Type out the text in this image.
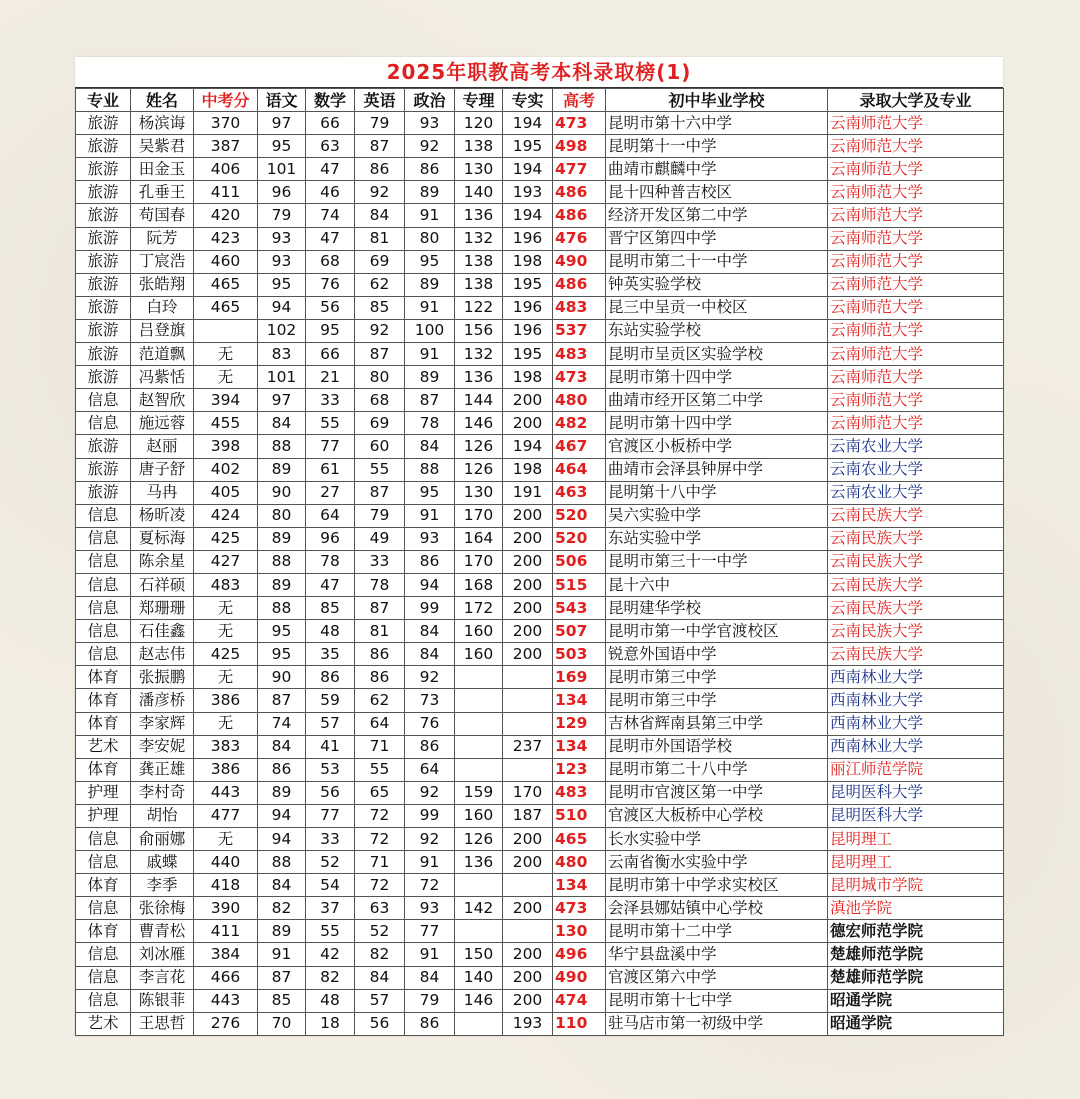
2025年职教高考本科录取榜(1)
专业	姓名	中考分	语文	数学	英语	政治	专理	专实	高考	初中毕业学校	录取大学及专业
旅游	杨滨诲	370	97	66	79	93	120	194	473	昆明市第十六中学	云南师范大学
旅游	吴紫君	387	95	63	87	92	138	195	498	昆明第十一中学	云南师范大学
旅游	田金玉	406	101	47	86	86	130	194	477	曲靖市麒麟中学	云南师范大学
旅游	孔垂王	411	96	46	92	89	140	193	486	昆十四种普吉校区	云南师范大学
旅游	苟国春	420	79	74	84	91	136	194	486	经济开发区第二中学	云南师范大学
旅游	阮芳	423	93	47	81	80	132	196	476	晋宁区第四中学	云南师范大学
旅游	丁宸浩	460	93	68	69	95	138	198	490	昆明市第二十一中学	云南师范大学
旅游	张皓翔	465	95	76	62	89	138	195	486	钟英实验学校	云南师范大学
旅游	白玲	465	94	56	85	91	122	196	483	昆三中呈贡一中校区	云南师范大学
旅游	吕登旗		102	95	92	100	156	196	537	东站实验学校	云南师范大学
旅游	范道飘	无	83	66	87	91	132	195	483	昆明市呈贡区实验学校	云南师范大学
旅游	冯紫恬	无	101	21	80	89	136	198	473	昆明市第十四中学	云南师范大学
信息	赵智欣	394	97	33	68	87	144	200	480	曲靖市经开区第二中学	云南师范大学
信息	施远蓉	455	84	55	69	78	146	200	482	昆明市第十四中学	云南师范大学
旅游	赵丽	398	88	77	60	84	126	194	467	官渡区小板桥中学	云南农业大学
旅游	唐子舒	402	89	61	55	88	126	198	464	曲靖市会泽县钟屏中学	云南农业大学
旅游	马冉	405	90	27	87	95	130	191	463	昆明第十八中学	云南农业大学
信息	杨昕凌	424	80	64	79	91	170	200	520	吴六实验中学	云南民族大学
信息	夏标海	425	89	96	49	93	164	200	520	东站实验中学	云南民族大学
信息	陈余星	427	88	78	33	86	170	200	506	昆明市第三十一中学	云南民族大学
信息	石祥硕	483	89	47	78	94	168	200	515	昆十六中	云南民族大学
信息	郑珊珊	无	88	85	87	99	172	200	543	昆明建华学校	云南民族大学
信息	石佳鑫	无	95	48	81	84	160	200	507	昆明市第一中学官渡校区	云南民族大学
信息	赵志伟	425	95	35	86	84	160	200	503	锐意外国语中学	云南民族大学
体育	张振鹏	无	90	86	86	92			169	昆明市第三中学	西南林业大学
体育	潘彦桥	386	87	59	62	73			134	昆明市第三中学	西南林业大学
体育	李家辉	无	74	57	64	76			129	吉林省辉南县第三中学	西南林业大学
艺术	李安妮	383	84	41	71	86		237	134	昆明市外国语学校	西南林业大学
体育	龚正雄	386	86	53	55	64			123	昆明市第二十八中学	丽江师范学院
护理	李村奇	443	89	56	65	92	159	170	483	昆明市官渡区第一中学	昆明医科大学
护理	胡怡	477	94	77	72	99	160	187	510	官渡区大板桥中心学校	昆明医科大学
信息	俞丽娜	无	94	33	72	92	126	200	465	长水实验中学	昆明理工
信息	戚蝶	440	88	52	71	91	136	200	480	云南省衡水实验中学	昆明理工
体育	李季	418	84	54	72	72			134	昆明市第十中学求实校区	昆明城市学院
信息	张徐梅	390	82	37	63	93	142	200	473	会泽县娜姑镇中心学校	滇池学院
体育	曹青松	411	89	55	52	77			130	昆明市第十二中学	德宏师范学院
信息	刘冰雁	384	91	42	82	91	150	200	496	华宁县盘溪中学	楚雄师范学院
信息	李言花	466	87	82	84	84	140	200	490	官渡区第六中学	楚雄师范学院
信息	陈银菲	443	85	48	57	79	146	200	474	昆明市第十七中学	昭通学院
艺术	王思哲	276	70	18	56	86		193	110	驻马店市第一初级中学	昭通学院
